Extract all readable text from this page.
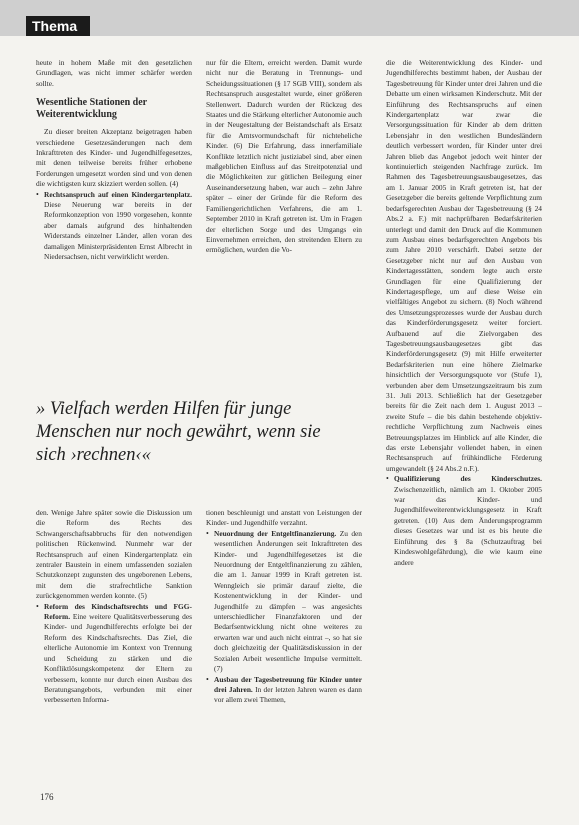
Thema

heute in hohem Maße mit den gesetzlichen Grundlagen, was nicht immer schärfer werden sollte.

Wesentliche Stationen der Weiterentwicklung

Zu dieser breiten Akzeptanz beigetragen haben verschiedene Gesetzesänderungen nach dem Inkrafttreten des Kinder- und Jugendhilfegesetzes, mit denen teilweise bereits früher erhobene Forderungen umgesetzt worden sind und von denen die wichtigsten kurz skizziert werden sollen. (4)

• Rechtsanspruch auf einen Kindergartenplatz. Diese Neuerung war bereits in der Reformkonzeption von 1990 vorgesehen, konnte aber damals aufgrund des hinhaltenden Widerstands einzelner Länder, allen voran des damaligen Ministerpräsidenten Ernst Albrecht in Niedersachsen, nicht verwirklicht werden.

nur für die Eltern, erreicht werden. Damit wurde nicht nur die Beratung in Trennungs- und Scheidungssituationen (§ 17 SGB VIII), sondern als Rechtsanspruch ausgestaltet wurde, einer größeren Stellenwert. Dadurch wurden der Rückzug des Staates und die Stärkung elterlicher Autonomie auch in der Neugestaltung der Beistandschaft als Ersatz für die Amtsvormundschaft für nichteheliche Kinder. (6) Die Erfahrung, dass innerfamiliale Konflikte letztlich nicht justiziabel sind, aber einen maßgeblichen Einfluss auf das Streitpotenzial und die Möglichkeiten zur gütlichen Beilegung einer Auseinandersetzung haben, war auch – zehn Jahre später – einer der Gründe für die Reform des Familiengerichtlichen Verfahrens, die am 1. September 2010 in Kraft getreten ist. Um in Fragen der elterlichen Sorge und des Umgangs ein Einvernehmen erreichen, den streitenden Eltern zu ermöglichen, wurden die Vo-

die die Weiterentwicklung des Kinder- und Jugendhilferechts bestimmt haben, der Ausbau der Tagesbetreuung für Kinder unter drei Jahren und die Debatte um einen wirksamen Kinderschutz. Mit der Einführung des Rechtsanspruchs auf einen Kindergartenplatz war zwar die Versorgungssituation für Kinder ab dem dritten Lebensjahr in den westlichen Bundesländern deutlich verbessert worden, für Kinder unter drei Jahren blieb das Angebot jedoch weit hinter der kontinuierlich steigenden Nachfrage zurück. Im Rahmen des Tagesbetreuungsausbaugesetzes, das am 1. Januar 2005 in Kraft getreten ist, hat der Gesetzgeber die bereits geltende Verpflichtung zum bedarfsgerechten Ausbau der Tagesbetreuung (§ 24 Abs.2 a. F.) mit nachprüfbaren Bedarfskriterien unterlegt und damit den Druck auf die Kommunen zum Ausbau eines bedarfsgerechten Angebots bis zum Jahre 2010 verschärft. Dabei setzte der Gesetzgeber nicht nur auf den Ausbau von Kindertagesstätten, sondern legte auch erste Grundlagen für eine Qualifizierung der Kindertagespflege, um auf diese Weise ein vielfältiges Angebot zu sichern. (8) Noch während des Umsetzungsprozesses wurde der Ausbau durch das Kinderförderungsgesetz weiter forciert. Aufbauend auf die Zielvorgaben des Tagesbetreuungsausbaugesetzes gibt das Kinderförderungsgesetz (9) mit Hilfe erweiterter Bedarfskriterien nun eine höhere Zielmarke hinsichtlich der Versorgungsquote vor (Stufe 1), verbunden aber dem Umsetzungszeitraum bis zum 31. Juli 2013. Schließlich hat der Gesetzgeber bereits für die Zeit nach dem 1. August 2013 – zweite Stufe – die bis dahin bestehende objektiv-rechtliche Verpflichtung zum Nachweis eines Betreuungsplatzes im Hinblick auf alle Kinder, die das erste Lebensjahr vollendet haben, in einen Rechtsanspruch auf frühkindliche Förderung umgewandelt (§ 24 Abs.2 n.F.).

• Qualifizierung des Kinderschutzes. Zwischenzeitlich, nämlich am 1. Oktober 2005 war das Kinder- und Jugendhilfeweiterentwicklungsgesetz in Kraft getreten. (10) Aus dem Änderungsprogramm dieses Gesetzes war und ist es bis heute die Einführung des § 8a (Schutzauftrag bei Kindeswohlgefährdung), die wie kaum eine andere
» Vielfach werden Hilfen für junge Menschen nur noch gewährt, wenn sie sich ›rechnen‹«

den. Wenige Jahre später sowie die Diskussion um die Reform des Rechts des Schwangerschaftsabbruchs für den notwendigen politischen Rückenwind. Nunmehr war der Rechtsanspruch auf einen Kindergartenplatz ein zentraler Baustein in einem umfassenden sozialen Schutzkonzept zugunsten des ungeborenen Lebens, mit dem die strafrechtliche Sanktion zurückgenommen werden konnte. (5)

• Reform des Kindschaftsrechts und FGG-Reform. Eine weitere Qualitätsverbesserung des Kinder- und Jugendhilferechts erfolgte bei der Reform des Kindschaftsrechts. Das Ziel, die elterliche Autonomie im Kontext von Trennung und Scheidung zu stärken und die Konfliktlösungskompetenz der Eltern zu verbessern, konnte nur durch einen Ausbau des Beratungsangebots, verbunden mit einer verbesserten Informa-

tionen beschleunigt und anstatt von Leistungen der Kinder- und Jugendhilfe verzahnt.

• Neuordnung der Entgeltfinanzierung. Zu den wesentlichen Änderungen seit Inkrafttreten des Kinder- und Jugendhilfegesetzes ist die Neuordnung der Entgeltfinanzierung zu zählen, die am 1. Januar 1999 in Kraft getreten ist. Wenngleich sie primär darauf zielte, die Kostenentwicklung in der Kinder- und Jugendhilfe zu dämpfen – was angesichts unterschiedlicher Finanzfaktoren und der Bedarfsentwicklung nicht ohne weiteres zu erwarten war und auch nicht eintrat –, so hat sie doch gleichzeitig der Qualitätsdiskussion in der Sozialen Arbeit wesentliche Impulse vermittelt. (7)
• Ausbau der Tagesbetreuung für Kinder unter drei Jahren. In der letzten Jahren waren es dann vor allem zwei Themen,
176
